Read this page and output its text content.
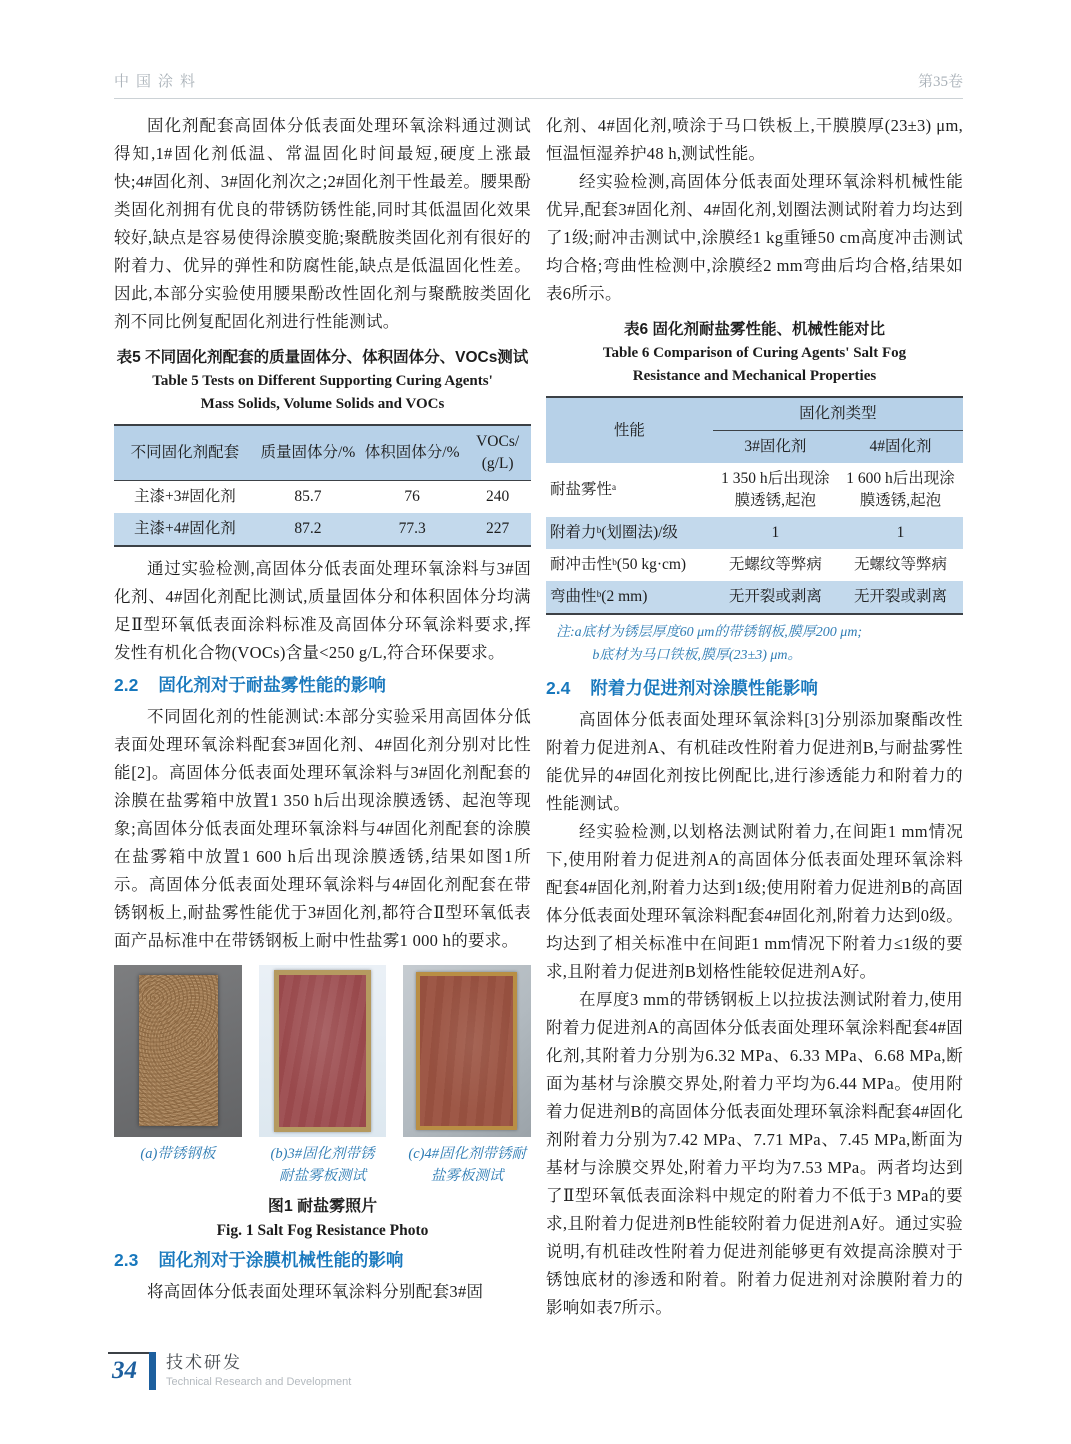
中国涂料	第35卷

固化剂配套高固体分低表面处理环氧涂料通过测试得知,1#固化剂低温、常温固化时间最短,硬度上涨最快;4#固化剂、3#固化剂次之;2#固化剂干性最差。腰果酚类固化剂拥有优良的带锈防锈性能,同时其低温固化效果较好,缺点是容易使得涂膜变脆;聚酰胺类固化剂有很好的附着力、优异的弹性和防腐性能,缺点是低温固化性差。因此,本部分实验使用腰果酚改性固化剂与聚酰胺类固化剂不同比例复配固化剂进行性能测试。

表5 不同固化剂配套的质量固体分、体积固体分、VOCs测试
Table 5 Tests on Different Supporting Curing Agents'
Mass Solids, Volume Solids and VOCs
不同固化剂配套	质量固体分/%	体积固体分/%	VOCs/ (g/L)
主漆+3#固化剂	85.7	76	240
主漆+4#固化剂	87.2	77.3	227

通过实验检测,高固体分低表面处理环氧涂料与3#固化剂、4#固化剂配比测试,质量固体分和体积固体分均满足Ⅱ型环氧低表面涂料标准及高固体分环氧涂料要求,挥发性有机化合物(VOCs)含量<250 g/L,符合环保要求。

2.2 固化剂对于耐盐雾性能的影响

不同固化剂的性能测试:本部分实验采用高固体分低表面处理环氧涂料配套3#固化剂、4#固化剂分别对比性能[2]。高固体分低表面处理环氧涂料与3#固化剂配套的涂膜在盐雾箱中放置1 350 h后出现涂膜透锈、起泡等现象;高固体分低表面处理环氧涂料与4#固化剂配套的涂膜在盐雾箱中放置1 600 h后出现涂膜透锈,结果如图1所示。高固体分低表面处理环氧涂料与4#固化剂配套在带锈钢板上,耐盐雾性能优于3#固化剂,都符合Ⅱ型环氧低表面产品标准中在带锈钢板上耐中性盐雾1 000 h的要求。

(a)带锈钢板	(b)3#固化剂带锈
耐盐雾板测试
(c)4#固化剂带锈耐
盐雾板测试
图1 耐盐雾照片
Fig. 1 Salt Fog Resistance Photo
2.3 固化剂对于涂膜机械性能的影响

将高固体分低表面处理环氧涂料分别配套3#固

化剂、4#固化剂,喷涂于马口铁板上,干膜膜厚(23±3) μm,恒温恒湿养护48 h,测试性能。

经实验检测,高固体分低表面处理环氧涂料机械性能优异,配套3#固化剂、4#固化剂,划圈法测试附着力均达到了1级;耐冲击测试中,涂膜经1 kg重锤50 cm高度冲击测试均合格;弯曲性检测中,涂膜经2 mm弯曲后均合格,结果如表6所示。

表6 固化剂耐盐雾性能、机械性能对比
Table 6 Comparison of Curing Agents' Salt Fog
Resistance and Mechanical Properties
性能	固化剂类型	
	3#固化剂	4#固化剂
耐盐雾性ᵃ	1 350 h后出现涂膜透锈,起泡	1 600 h后出现涂膜透锈,起泡
附着力ᵇ(划圈法)/级	1	1
耐冲击性ᵇ(50 kg·cm)	无螺纹等弊病	无螺纹等弊病
弯曲性ᵇ(2 mm)	无开裂或剥离	无开裂或剥离
注:a底材为锈层厚度60 μm的带锈钢板,膜厚200 μm;
b底材为马口铁板,膜厚(23±3) μm。
2.4 附着力促进剂对涂膜性能影响

高固体分低表面处理环氧涂料[3]分别添加聚酯改性附着力促进剂A、有机硅改性附着力促进剂B,与耐盐雾性能优异的4#固化剂按比例配比,进行渗透能力和附着力的性能测试。

经实验检测,以划格法测试附着力,在间距1 mm情况下,使用附着力促进剂A的高固体分低表面处理环氧涂料配套4#固化剂,附着力达到1级;使用附着力促进剂B的高固体分低表面处理环氧涂料配套4#固化剂,附着力达到0级。均达到了相关标准中在间距1 mm情况下附着力≤1级的要求,且附着力促进剂B划格性能较促进剂A好。

在厚度3 mm的带锈钢板上以拉拔法测试附着力,使用附着力促进剂A的高固体分低表面处理环氧涂料配套4#固化剂,其附着力分别为6.32 MPa、6.33 MPa、6.68 MPa,断面为基材与涂膜交界处,附着力平均为6.44 MPa。使用附着力促进剂B的高固体分低表面处理环氧涂料配套4#固化剂附着力分别为7.42 MPa、7.71 MPa、7.45 MPa,断面为基材与涂膜交界处,附着力平均为7.53 MPa。两者均达到了Ⅱ型环氧低表面涂料中规定的附着力不低于3 MPa的要求,且附着力促进剂B性能较附着力促进剂A好。通过实验说明,有机硅改性附着力促进剂能够更有效提高涂膜对于锈蚀底材的渗透和附着。附着力促进剂对涂膜附着力的影响如表7所示。

34	技术研发
Technical Research and Development
